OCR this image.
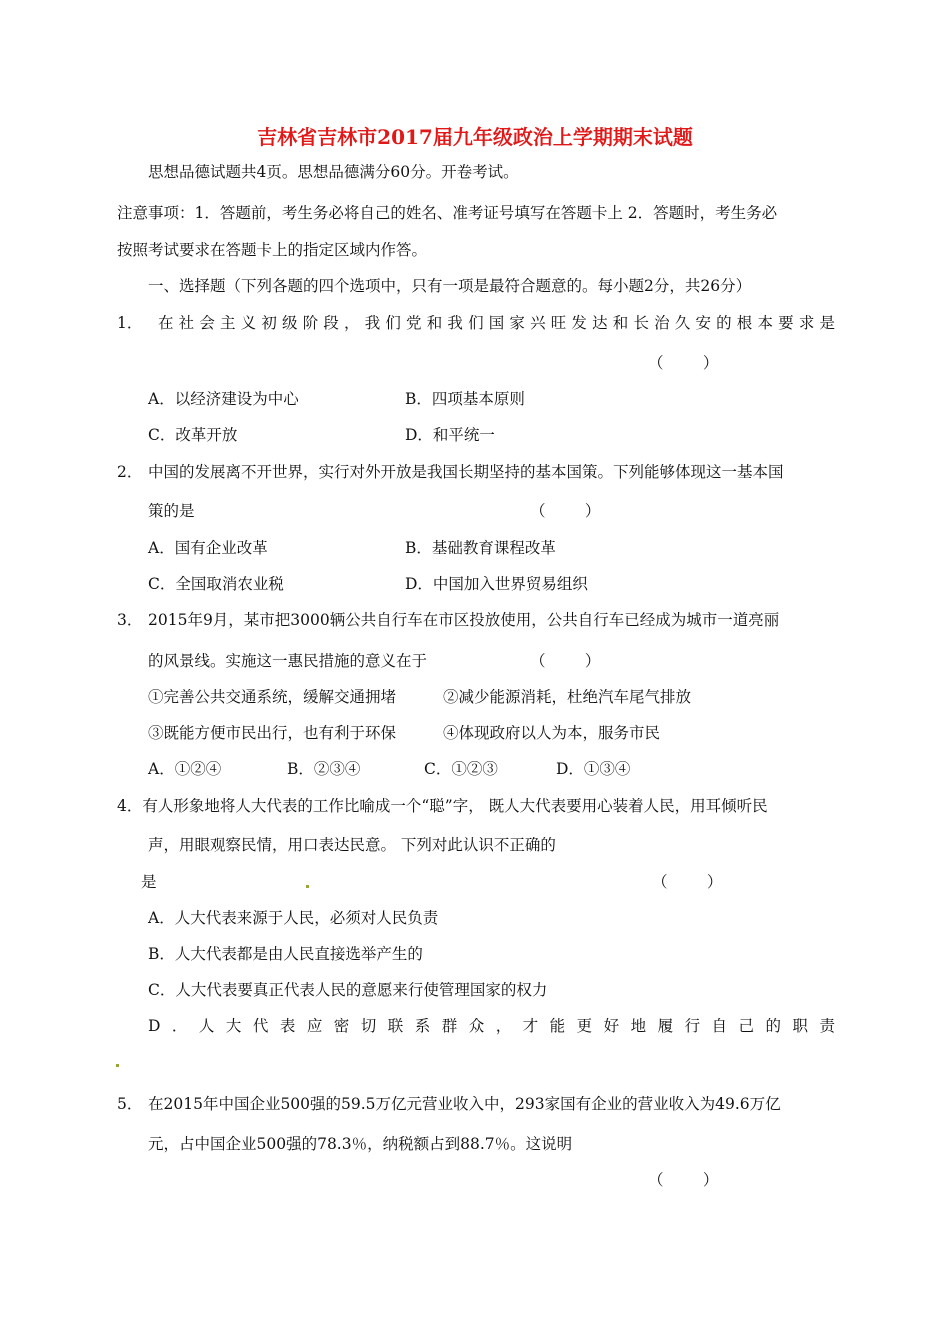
吉林省吉林市2017届九年级政治上学期期末试题
思想品德试题共4页。思想品德满分60分。开卷考试。
注意事项：1．答题前，考生务必将自己的姓名、准考证号填写在答题卡上 2．答题时，考生务必
按照考试要求在答题卡上的指定区域内作答。
一、选择题（下列各题的四个选项中，只有一项是最符合题意的。每小题2分，共26分）
1． 在社会主义初级阶段，我们党和我们国家兴旺发达和长治久安的根本要求是
（        ）
A．以经济建设为中心	B．四项基本原则
C．改革开放	D．和平统一
2． 中国的发展离不开世界，实行对外开放是我国长期坚持的基本国策。下列能够体现这一基本国
策的是	（        ）
A．国有企业改革	B．基础教育课程改革
C．全国取消农业税	D．中国加入世界贸易组织
3． 2015年9月，某市把3000辆公共自行车在市区投放使用，公共自行车已经成为城市一道亮丽
的风景线。实施这一惠民措施的意义在于	（        ）
①完善公共交通系统，缓解交通拥堵	②减少能源消耗，杜绝汽车尾气排放
③既能方便市民出行，也有利于环保	④体现政府以人为本，服务市民
A．①②④	B．②③④	C．①②③	D．①③④
4．有人形象地将人大代表的工作比喻成一个“聪”字， 既人大代表要用心装着人民，用耳倾听民
声，用眼观察民情，用口表达民意。 下列对此认识不正确的
是	（        ）
A．人大代表来源于人民，必须对人民负责
B．人大代表都是由人民直接选举产生的
C．人大代表要真正代表人民的意愿来行使管理国家的权力
D．人大代表应密切联系群众，才能更好地履行自己的职责
5． 在2015年中国企业500强的59.5万亿元营业收入中，293家国有企业的营业收入为49.6万亿
元，占中国企业500强的78.3％，纳税额占到88.7％。这说明
（        ）
